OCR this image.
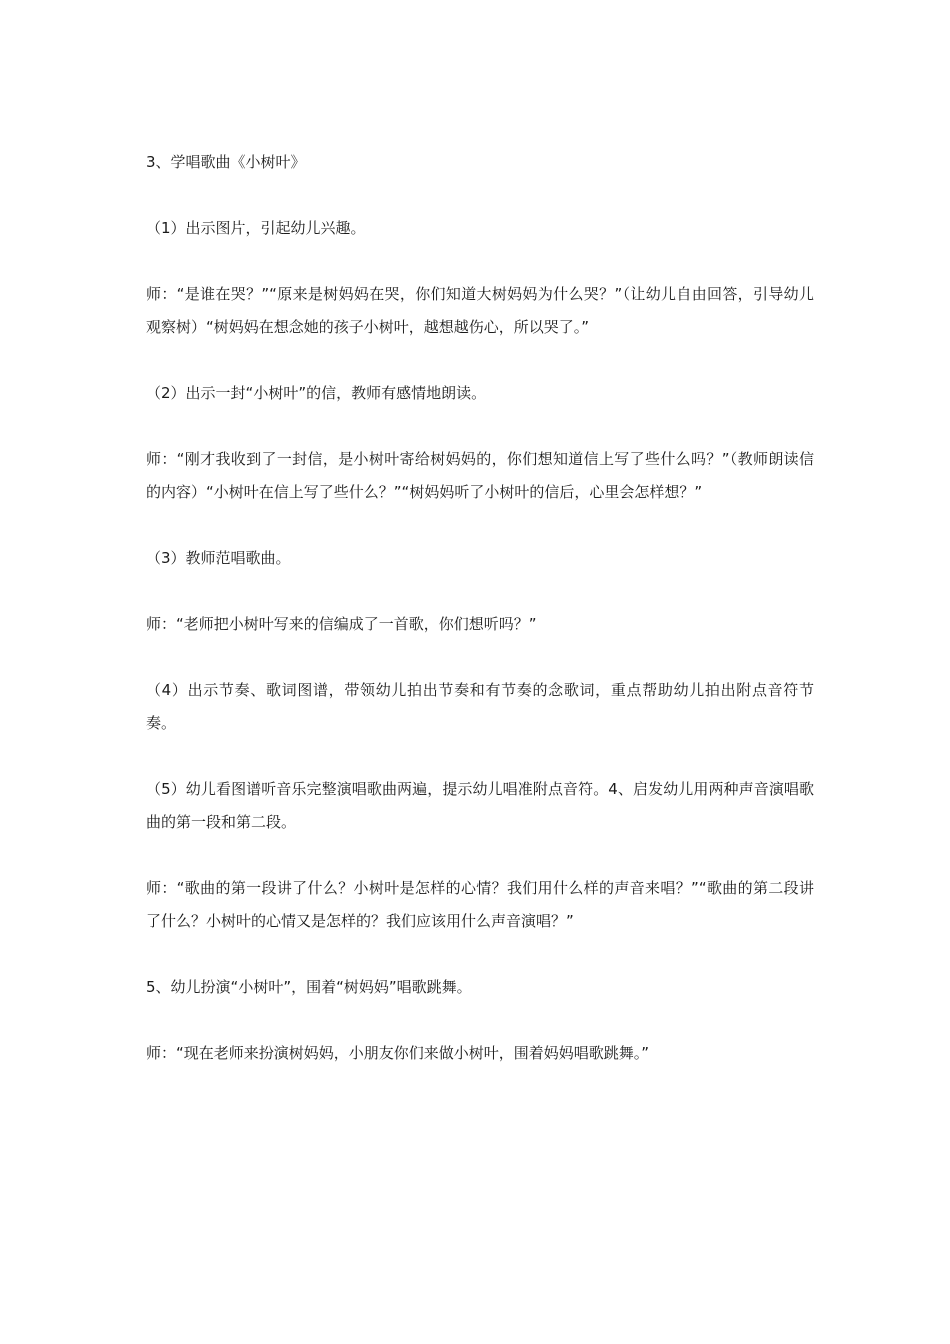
3、学唱歌曲《小树叶》

（1）出示图片，引起幼儿兴趣。

师：“是谁在哭？”“原来是树妈妈在哭，你们知道大树妈妈为什么哭？”（让幼儿自由回答，引导幼儿观察树）“树妈妈在想念她的孩子小树叶，越想越伤心，所以哭了。”

（2）出示一封“小树叶”的信，教师有感情地朗读。

师：“刚才我收到了一封信，是小树叶寄给树妈妈的，你们想知道信上写了些什么吗？”（教师朗读信的内容）“小树叶在信上写了些什么？”“树妈妈听了小树叶的信后，心里会怎样想？”

（3）教师范唱歌曲。

师：“老师把小树叶写来的信编成了一首歌，你们想听吗？”

（4）出示节奏、歌词图谱，带领幼儿拍出节奏和有节奏的念歌词，重点帮助幼儿拍出附点音符节奏。

（5）幼儿看图谱听音乐完整演唱歌曲两遍，提示幼儿唱准附点音符。4、启发幼儿用两种声音演唱歌曲的第一段和第二段。

师：“歌曲的第一段讲了什么？小树叶是怎样的心情？我们用什么样的声音来唱？”“歌曲的第二段讲了什么？小树叶的心情又是怎样的？我们应该用什么声音演唱？”

5、幼儿扮演“小树叶”，围着“树妈妈”唱歌跳舞。

师：“现在老师来扮演树妈妈，小朋友你们来做小树叶，围着妈妈唱歌跳舞。”
